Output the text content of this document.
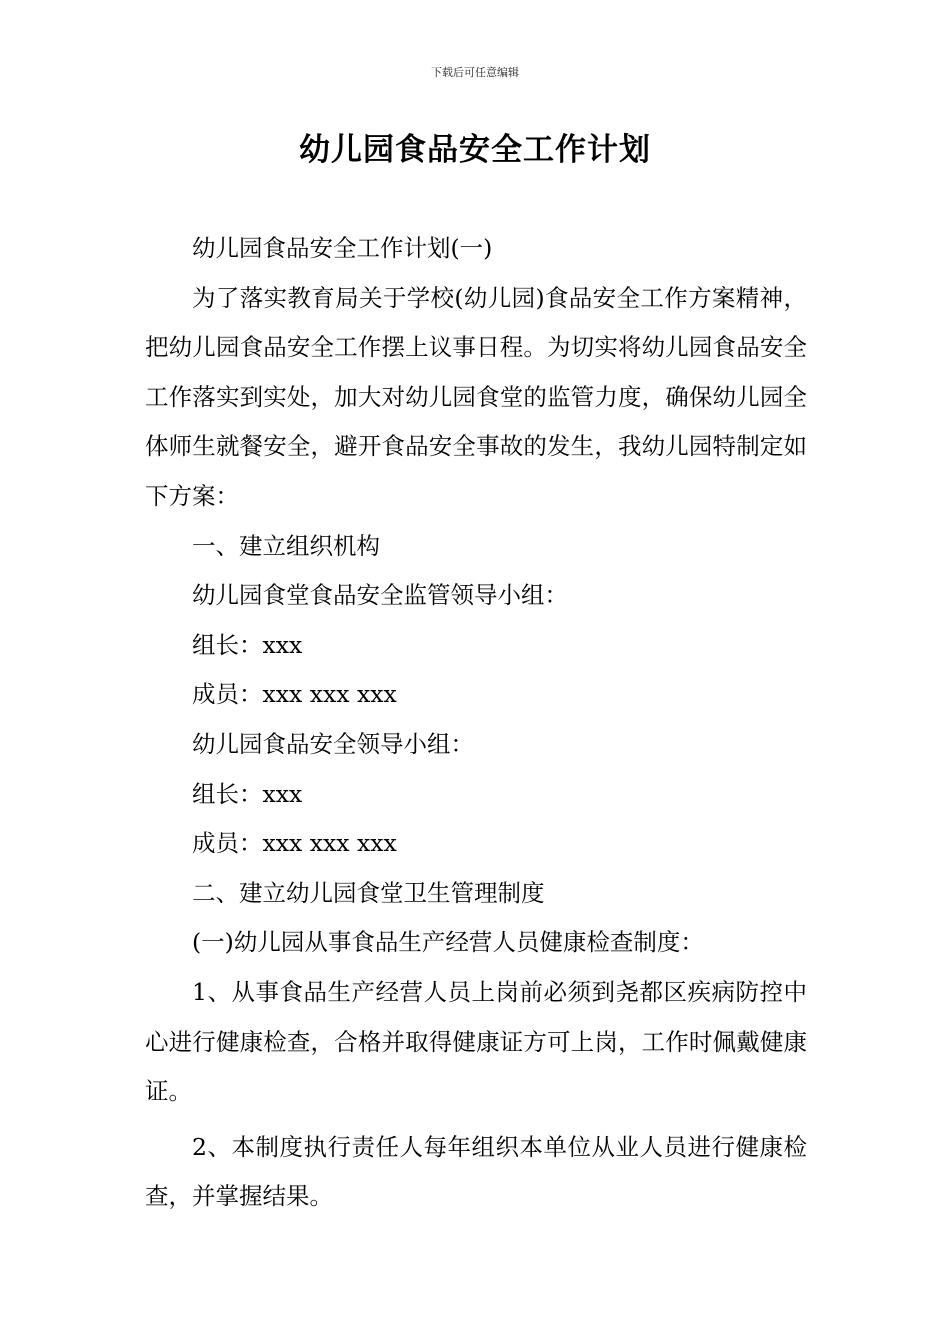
下载后可任意编辑
幼儿园食品安全工作计划

幼儿园食品安全工作计划(一)

为了落实教育局关于学校(幼儿园)食品安全工作方案精神，把幼儿园食品安全工作摆上议事日程。为切实将幼儿园食品安全工作落实到实处，加大对幼儿园食堂的监管力度，确保幼儿园全体师生就餐安全，避开食品安全事故的发生，我幼儿园特制定如下方案：

一、建立组织机构

幼儿园食堂食品安全监管领导小组：

组长：xxx

成员：xxx xxx xxx

幼儿园食品安全领导小组：

组长：xxx

成员：xxx xxx xxx

二、建立幼儿园食堂卫生管理制度

(一)幼儿园从事食品生产经营人员健康检查制度：

1、从事食品生产经营人员上岗前必须到尧都区疾病防控中心进行健康检查，合格并取得健康证方可上岗，工作时佩戴健康证。

2、本制度执行责任人每年组织本单位从业人员进行健康检查，并掌握结果。
